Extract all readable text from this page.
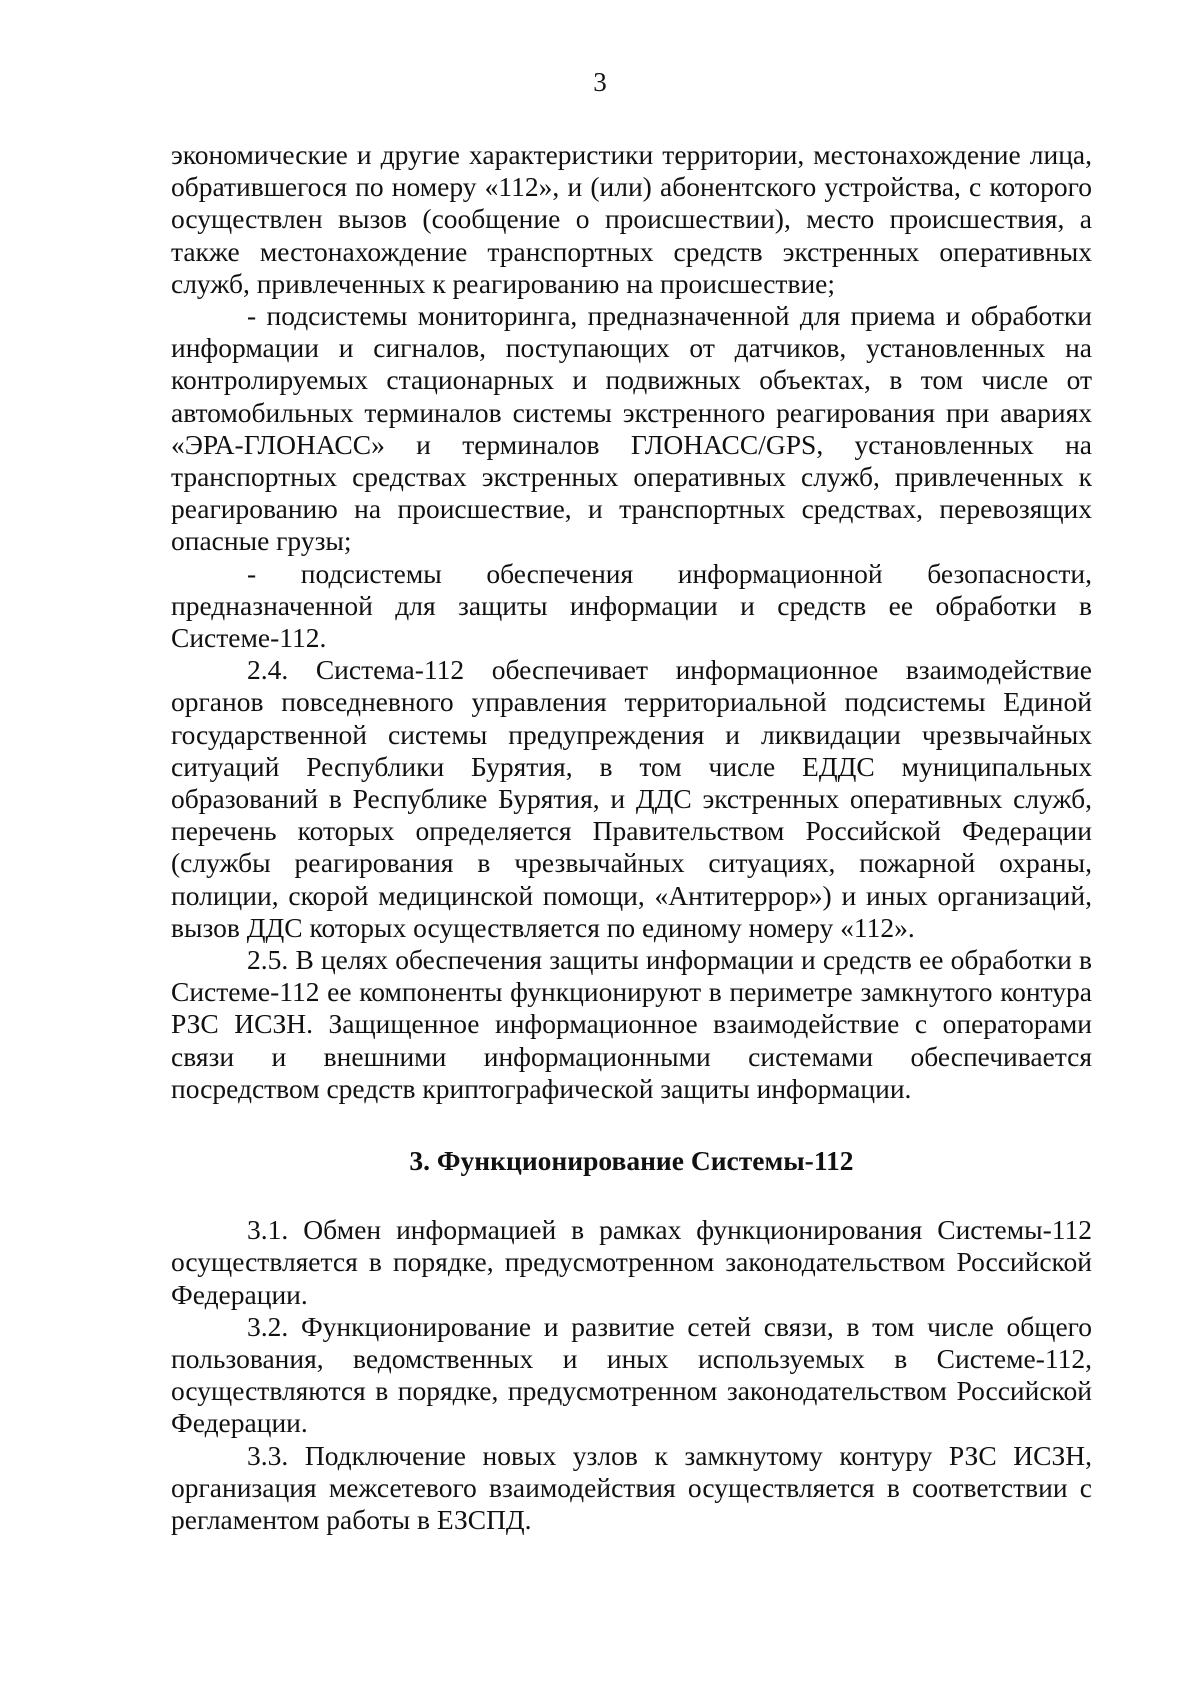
3

экономические и другие характеристики территории, местонахождение лица, обратившегося по номеру «112», и (или) абонентского устройства, с которого осуществлен вызов (сообщение о происшествии), место происшествия, а также местонахождение транспортных средств экстренных оперативных служб, привлеченных к реагированию на происшествие;

- подсистемы мониторинга, предназначенной для приема и обработки информации и сигналов, поступающих от датчиков, установленных на контролируемых стационарных и подвижных объектах, в том числе от автомобильных терминалов системы экстренного реагирования при авариях «ЭРА-ГЛОНАСС» и терминалов ГЛОНАСС/GPS, установленных на транспортных средствах экстренных оперативных служб, привлеченных к реагированию на происшествие, и транспортных средствах, перевозящих опасные грузы;

- подсистемы обеспечения информационной безопасности, предназначенной для защиты информации и средств ее обработки в Системе-112.

2.4. Система-112 обеспечивает информационное взаимодействие органов повседневного управления территориальной подсистемы Единой государственной системы предупреждения и ликвидации чрезвычайных ситуаций Республики Бурятия, в том числе ЕДДС муниципальных образований в Республике Бурятия, и ДДС экстренных оперативных служб, перечень которых определяется Правительством Российской Федерации (службы реагирования в чрезвычайных ситуациях, пожарной охраны, полиции, скорой медицинской помощи, «Антитеррор») и иных организаций, вызов ДДС которых осуществляется по единому номеру «112».

2.5. В целях обеспечения защиты информации и средств ее обработки в Системе-112 ее компоненты функционируют в периметре замкнутого контура РЗС ИСЗН. Защищенное информационное взаимодействие с операторами связи и внешними информационными системами обеспечивается посредством средств криптографической защиты информации.

3. Функционирование Системы-112

3.1. Обмен информацией в рамках функционирования Системы-112 осуществляется в порядке, предусмотренном законодательством Российской Федерации.

3.2. Функционирование и развитие сетей связи, в том числе общего пользования, ведомственных и иных используемых в Системе-112, осуществляются в порядке, предусмотренном законодательством Российской Федерации.

3.3. Подключение новых узлов к замкнутому контуру РЗС ИСЗН, организация межсетевого взаимодействия осуществляется в соответствии с регламентом работы в ЕЗСПД.
